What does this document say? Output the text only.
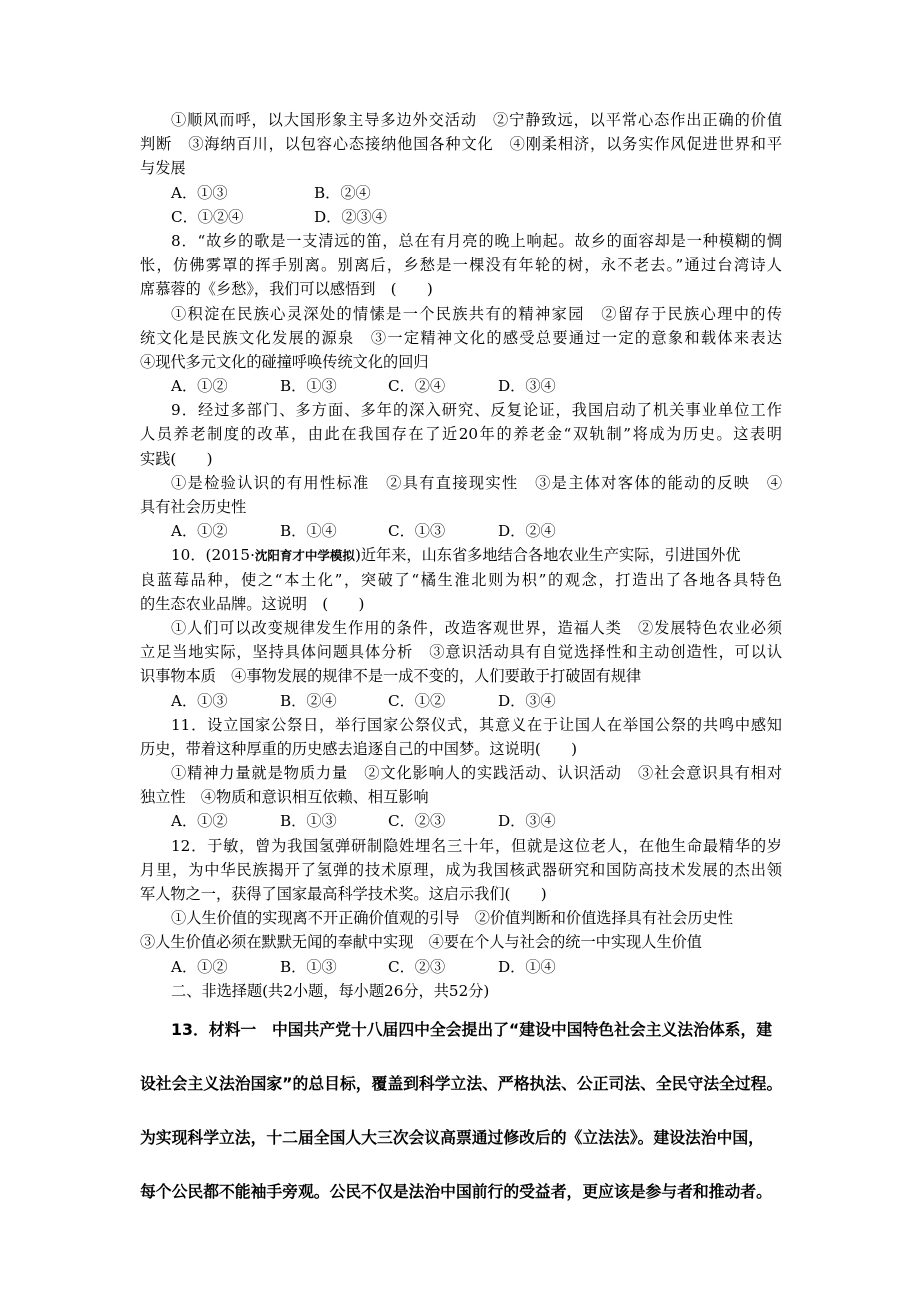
①顺风而呼，以大国形象主导多边外交活动　②宁静致远，以平常心态作出正确的价值
判断　③海纳百川，以包容心态接纳他国各种文化　④刚柔相济，以务实作风促进世界和平
与发展
A．①③	B．②④
C．①②④	D．②③④
8．“故乡的歌是一支清远的笛，总在有月亮的晚上响起。故乡的面容却是一种模糊的惆
怅，仿佛雾罩的挥手别离。别离后，乡愁是一棵没有年轮的树，永不老去。”通过台湾诗人
席慕蓉的《乡愁》，我们可以感悟到　(　　)
①积淀在民族心灵深处的情愫是一个民族共有的精神家园　②留存于民族心理中的传
统文化是民族文化发展的源泉　③一定精神文化的感受总要通过一定的意象和载体来表达
④现代多元文化的碰撞呼唤传统文化的回归
A．①②	B．①③	C．②④	D．③④
9．经过多部门、多方面、多年的深入研究、反复论证，我国启动了机关事业单位工作
人员养老制度的改革，由此在我国存在了近20年的养老金“双轨制”将成为历史。这表明
实践(　　)
①是检验认识的有用性标准　②具有直接现实性　③是主体对客体的能动的反映　④
具有社会历史性
A．①②	B．①④	C．①③	D．②④
10．(2015·沈阳育才中学模拟)近年来，山东省多地结合各地农业生产实际，引进国外优
良蓝莓品种，使之“本土化”，突破了“橘生淮北则为枳”的观念，打造出了各地各具特色
的生态农业品牌。这说明　(　　)
①人们可以改变规律发生作用的条件，改造客观世界，造福人类　②发展特色农业必须
立足当地实际，坚持具体问题具体分析　③意识活动具有自觉选择性和主动创造性，可以认
识事物本质　④事物发展的规律不是一成不变的，人们要敢于打破固有规律
A．①③	B．②④	C．①②	D．③④
11．设立国家公祭日，举行国家公祭仪式，其意义在于让国人在举国公祭的共鸣中感知
历史，带着这种厚重的历史感去追逐自己的中国梦。这说明(　　)
①精神力量就是物质力量　②文化影响人的实践活动、认识活动　③社会意识具有相对
独立性　④物质和意识相互依赖、相互影响
A．①②	B．①③	C．②③	D．③④
12．于敏，曾为我国氢弹研制隐姓埋名三十年，但就是这位老人，在他生命最精华的岁
月里，为中华民族揭开了氢弹的技术原理，成为我国核武器研究和国防高技术发展的杰出领
军人物之一，获得了国家最高科学技术奖。这启示我们(　　)
①人生价值的实现离不开正确价值观的引导　②价值判断和价值选择具有社会历史性
③人生价值必须在默默无闻的奉献中实现　④要在个人与社会的统一中实现人生价值
A．①②	B．①③	C．②③	D．①④
二、非选择题(共2小题，每小题26分，共52分)
13．材料一　中国共产党十八届四中全会提出了“建设中国特色社会主义法治体系，建
设社会主义法治国家”的总目标，覆盖到科学立法、严格执法、公正司法、全民守法全过程。
为实现科学立法，十二届全国人大三次会议高票通过修改后的《立法法》。建设法治中国，
每个公民都不能袖手旁观。公民不仅是法治中国前行的受益者，更应该是参与者和推动者。
